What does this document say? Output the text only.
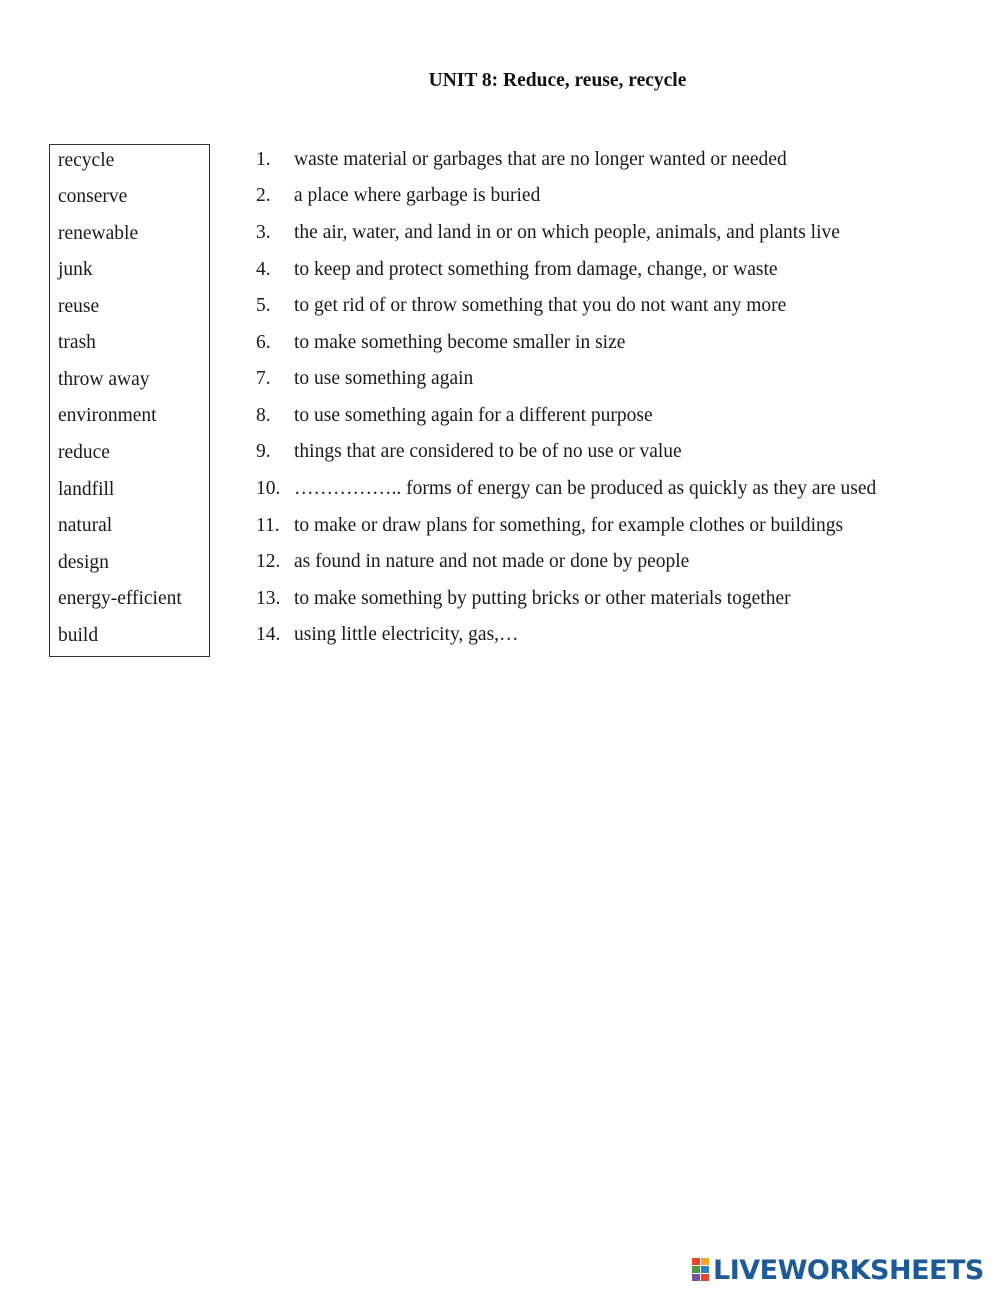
UNIT 8: Reduce, reuse, recycle
recycle
conserve
renewable
junk
reuse
trash
throw away
environment
reduce
landfill
natural
design
energy-efficient
build
1. waste material or garbages that are no longer wanted or needed
2. a place where garbage is buried
3. the air, water, and land in or on which people, animals, and plants live
4. to keep and protect something from damage, change, or waste
5. to get rid of or throw something that you do not want any more
6. to make something become smaller in size
7. to use something again
8. to use something again for a different purpose
9. things that are considered to be of no use or value
10. …………….. forms of energy can be produced as quickly as they are used
11. to make or draw plans for something, for example clothes or buildings
12. as found in nature and not made or done by people
13. to make something by putting bricks or other materials together
14. using little electricity, gas,…
LIVEWORKSHEETS
